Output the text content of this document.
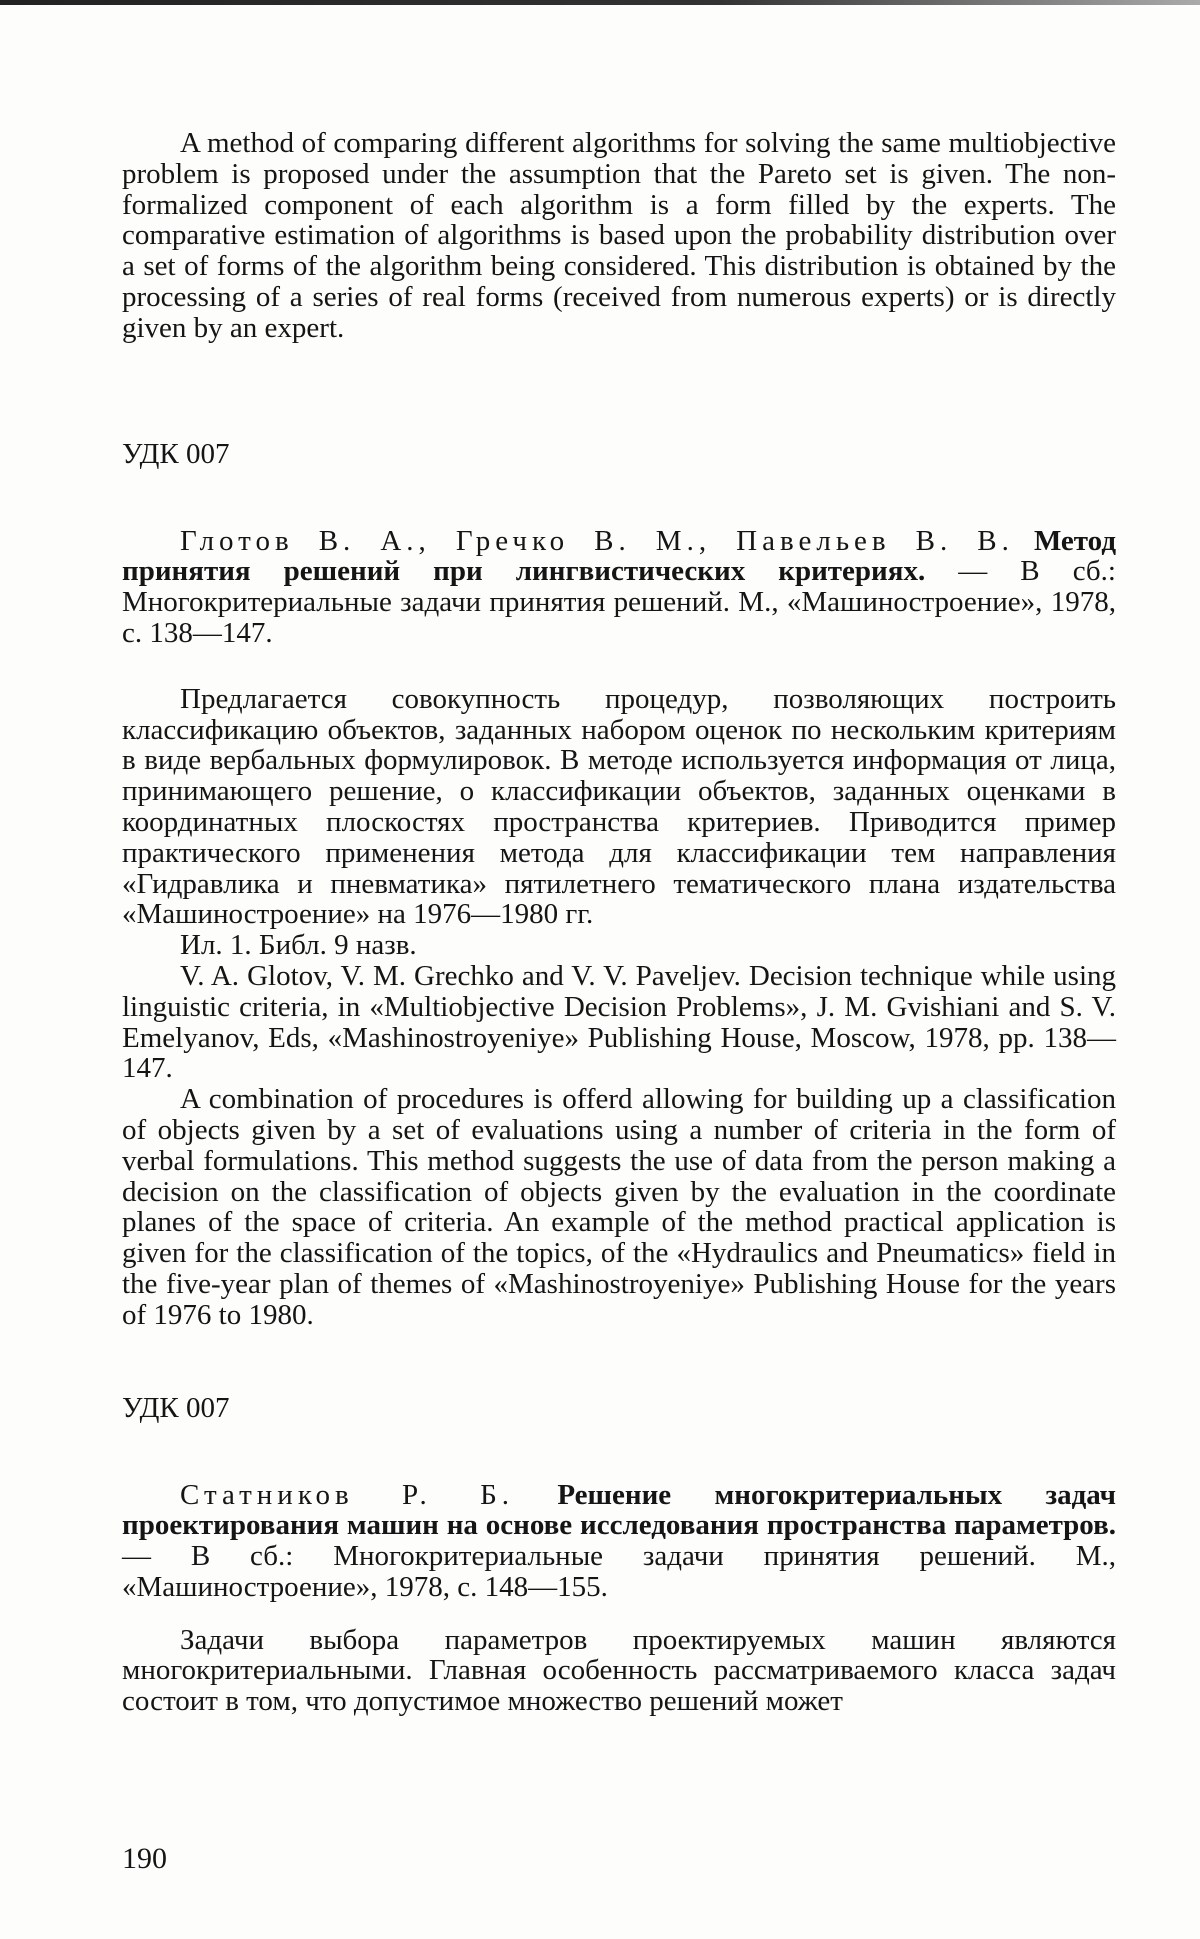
A method of comparing different algorithms for solving the same multiobjective problem is proposed under the assumption that the Pareto set is given. The non-formalized component of each algorithm is a form filled by the experts. The comparative estimation of algorithms is based upon the probability distribution over a set of forms of the algorithm being considered. This distribution is obtained by the processing of a series of real forms (received from numerous experts) or is directly given by an expert.

УДК 007

Глотов В. А., Гречко В. М., Павельев В. В. Метод принятия решений при лингвистических критериях. — В сб.: Многокритериальные задачи принятия решений. М., «Машиностроение», 1978, с. 138—147.

Предлагается совокупность процедур, позволяющих построить классификацию объектов, заданных набором оценок по нескольким критериям в виде вербальных формулировок. В методе используется информация от лица, принимающего решение, о классификации объектов, заданных оценками в координатных плоскостях пространства критериев. Приводится пример практического применения метода для классификации тем направления «Гидравлика и пневматика» пятилетнего тематического плана издательства «Машиностроение» на 1976—1980 гг.

Ил. 1. Библ. 9 назв.

V. A. Glotov, V. M. Grechko and V. V. Paveljev. Decision technique while using linguistic criteria, in «Multiobjective Decision Problems», J. M. Gvishiani and S. V. Emelyanov, Eds, «Mashinostroyeniye» Publishing House, Moscow, 1978, pp. 138—147.

A combination of procedures is offerd allowing for building up a classification of objects given by a set of evaluations using a number of criteria in the form of verbal formulations. This method suggests the use of data from the person making a decision on the classification of objects given by the evaluation in the coordinate planes of the space of criteria. An example of the method practical application is given for the classification of the topics, of the «Hydraulics and Pneumatics» field in the five-year plan of themes of «Mashinostroyeniye» Publishing House for the years of 1976 to 1980.

УДК 007

Статников Р. Б. Решение многокритериальных задач проектирования машин на основе исследования пространства параметров. — В сб.: Многокритериальные задачи принятия решений. М., «Машиностроение», 1978, с. 148—155.

Задачи выбора параметров проектируемых машин являются многокритериальными. Главная особенность рассматриваемого класса задач состоит в том, что допустимое множество решений может

190
